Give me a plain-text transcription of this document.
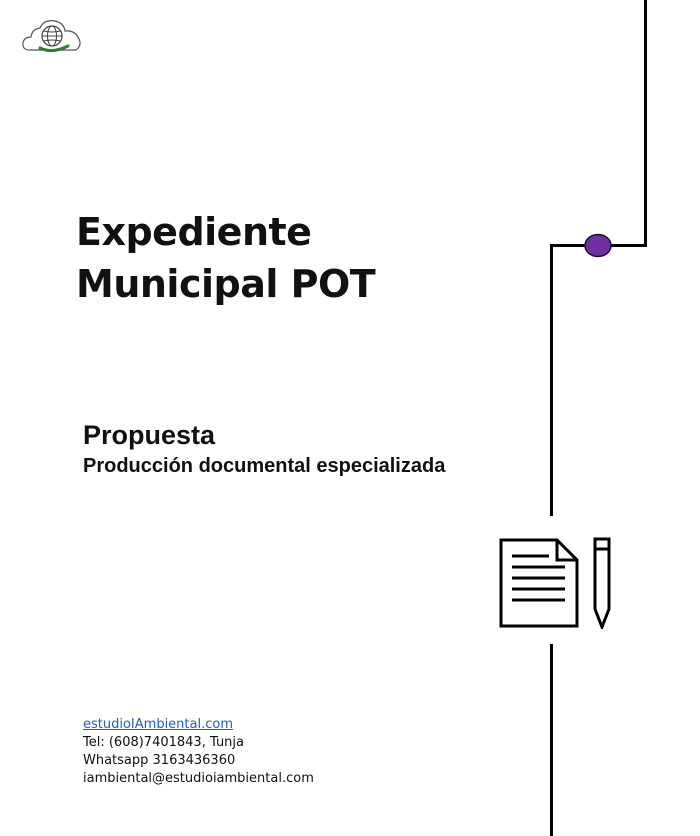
Expediente
Municipal POT

Propuesta

Producción documental especializada

estudioIAmbiental.com
Tel: (608)7401843, Tunja
Whatsapp 3163436360
iambiental@estudioiambiental.com
